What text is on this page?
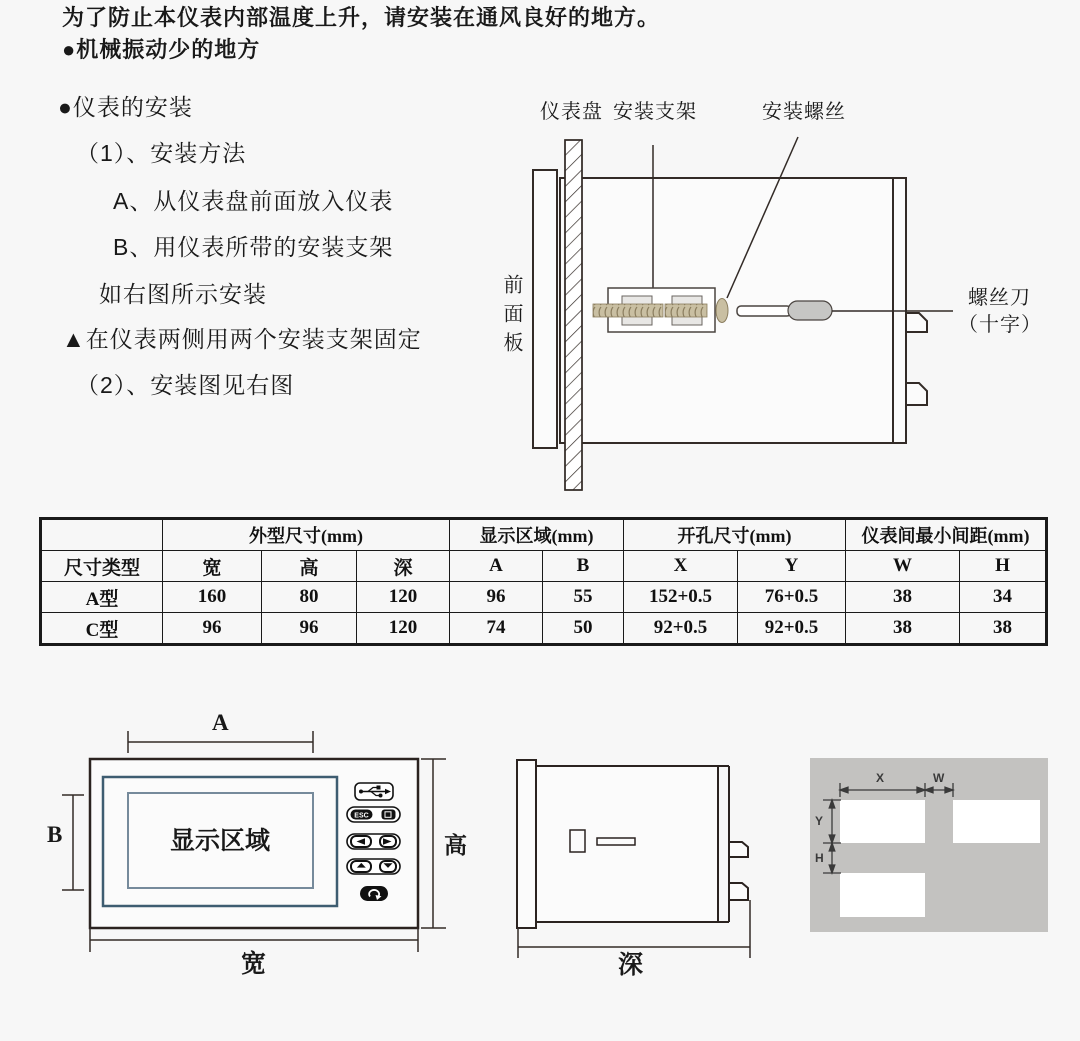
为了防止本仪表内部温度上升，请安装在通风良好的地方。
●机械振动少的地方
●仪表的安装
（1）、安装方法
A、从仪表盘前面放入仪表
B、用仪表所带的安装支架
如右图所示安装
▲在仪表两侧用两个安装支架固定
（2）、安装图见右图
仪表盘 安装支架	安装螺丝
前面板	螺丝刀
（十字）
	外型尺寸(mm)			显示区域(mm)		开孔尺寸(mm)		仪表间最小间距(mm)	
尺寸类型	宽	高	深	A	B	X	Y	W	H
A型	160	80	120	96	55	152+0.5	76+0.5	38	34
C型	96	96	120	74	50	92+0.5	92+0.5	38	38
ESC
A
B	显示区域	高
宽	深
X	W
Y
H
